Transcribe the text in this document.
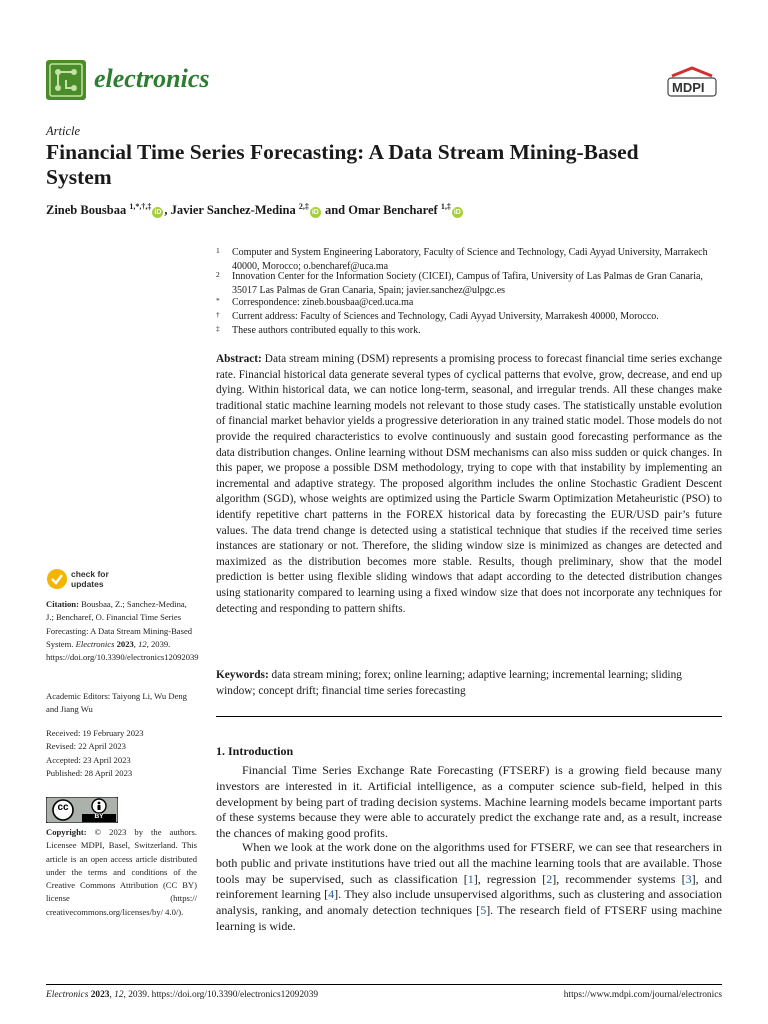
electronics	MDPI
Article
Financial Time Series Forecasting: A Data Stream Mining-Based System
Zineb Bousbaa $^{1,*,\dagger,\ddagger}$iD , Javier Sanchez-Medina $^{2,\ddagger}$iD and Omar Bencharef $^{1,\ddagger}$iD
1 Computer and System Engineering Laboratory, Faculty of Science and Technology, Cadi Ayyad University, Marrakech 40000, Morocco; o.bencharef@uca.ma
2 Innovation Center for the Information Society (CICEI), Campus of Tafira, University of Las Palmas de Gran Canaria, 35017 Las Palmas de Gran Canaria, Spain; javier.sanchez@ulpgc.es
* Correspondence: zineb.bousbaa@ced.uca.ma
† Current address: Faculty of Sciences and Technology, Cadi Ayyad University, Marrakesh 40000, Morocco.
‡ These authors contributed equally to this work.
Abstract: Data stream mining (DSM) represents a promising process to forecast financial time series exchange rate. Financial historical data generate several types of cyclical patterns that evolve, grow, decrease, and end up dying. Within historical data, we can notice long-term, seasonal, and irregular trends. All these changes make traditional static machine learning models not relevant to those study cases. The statistically unstable evolution of financial market behavior yields a progressive deterioration in any trained static model. Those models do not provide the required characteristics to evolve continuously and sustain good forecasting performance as the data distribution changes. Online learning without DSM mechanisms can also miss sudden or quick changes. In this paper, we propose a possible DSM methodology, trying to cope with that instability by implementing an incremental and adaptive strategy. The proposed algorithm includes the online Stochastic Gradient Descent algorithm (SGD), whose weights are optimized using the Particle Swarm Optimization Metaheuristic (PSO) to identify repetitive chart patterns in the FOREX historical data by forecasting the EUR/USD pair’s future values. The data trend change is detected using a statistical technique that studies if the received time series instances are stationary or not. Therefore, the sliding window size is minimized as changes are detected and maximized as the distribution becomes more stable. Results, though preliminary, show that the model prediction is better using flexible sliding windows that adapt according to the detected distribution changes using stationarity compared to learning using a fixed window size that does not incorporate any techniques for detecting and responding to pattern shifts.
Keywords: data stream mining; forex; online learning; adaptive learning; incremental learning; sliding window; concept drift; financial time series forecasting
1. Introduction
Financial Time Series Exchange Rate Forecasting (FTSERF) is a growing field because many investors are interested in it. Artificial intelligence, as a computer science sub-field, helped in this development by being part of trading decision systems. Machine learning models became important parts of these systems because they were able to accurately predict the exchange rate and, as a result, increase the chances of making good profits.
When we look at the work done on the algorithms used for FTSERF, we can see that researchers in both public and private institutions have tried out all the machine learning tools that are available. Those tools may be supervised, such as classification [1], regression [2], recommender systems [3], and reinforement learning [4]. They also include unsupervised algorithms, such as clustering and association analysis, ranking, and anomaly detection techniques [5]. The research field of FTSERF using machine learning is wide.
check for
updates
Citation: Bousbaa, Z.; Sanchez-Medina, J.; Bencharef, O. Financial Time Series Forecasting: A Data Stream Mining-Based System. Electronics 2023, 12, 2039. https://doi.org/10.3390/electronics12092039
Academic Editors: Taiyong Li, Wu Deng and Jiang Wu
Received: 19 February 2023
Revised: 22 April 2023
Accepted: 23 April 2023
Published: 28 April 2023
cc
BY
Copyright: © 2023 by the authors. Licensee MDPI, Basel, Switzerland. This article is an open access article distributed under the terms and conditions of the Creative Commons Attribution (CC BY) license (https:// creativecommons.org/licenses/by/ 4.0/).
Electronics 2023, 12, 2039. https://doi.org/10.3390/electronics12092039	https://www.mdpi.com/journal/electronics
